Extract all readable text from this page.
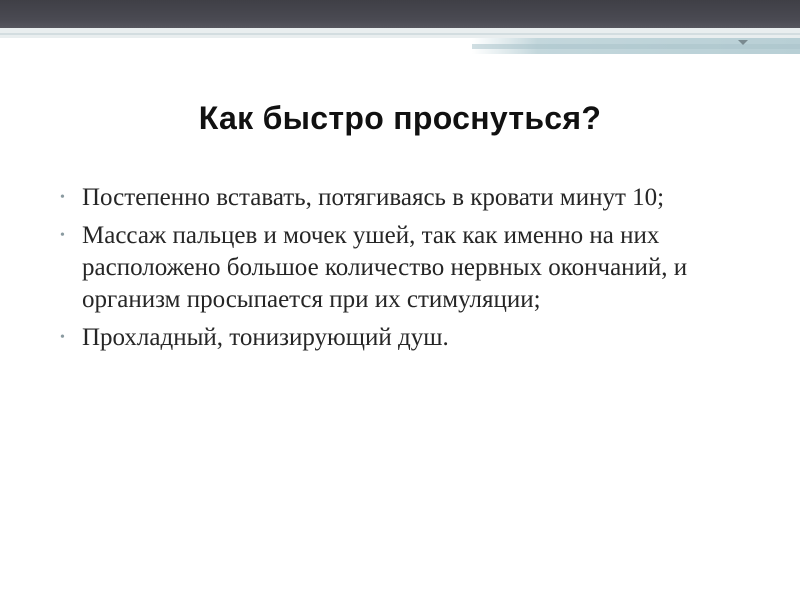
Как быстро проснуться?
• Постепенно вставать, потягиваясь в кровати минут 10;
• Массаж пальцев и мочек ушей, так как именно на них расположено большое количество нервных окончаний, и организм просыпается при их стимуляции;
• Прохладный, тонизирующий душ.
